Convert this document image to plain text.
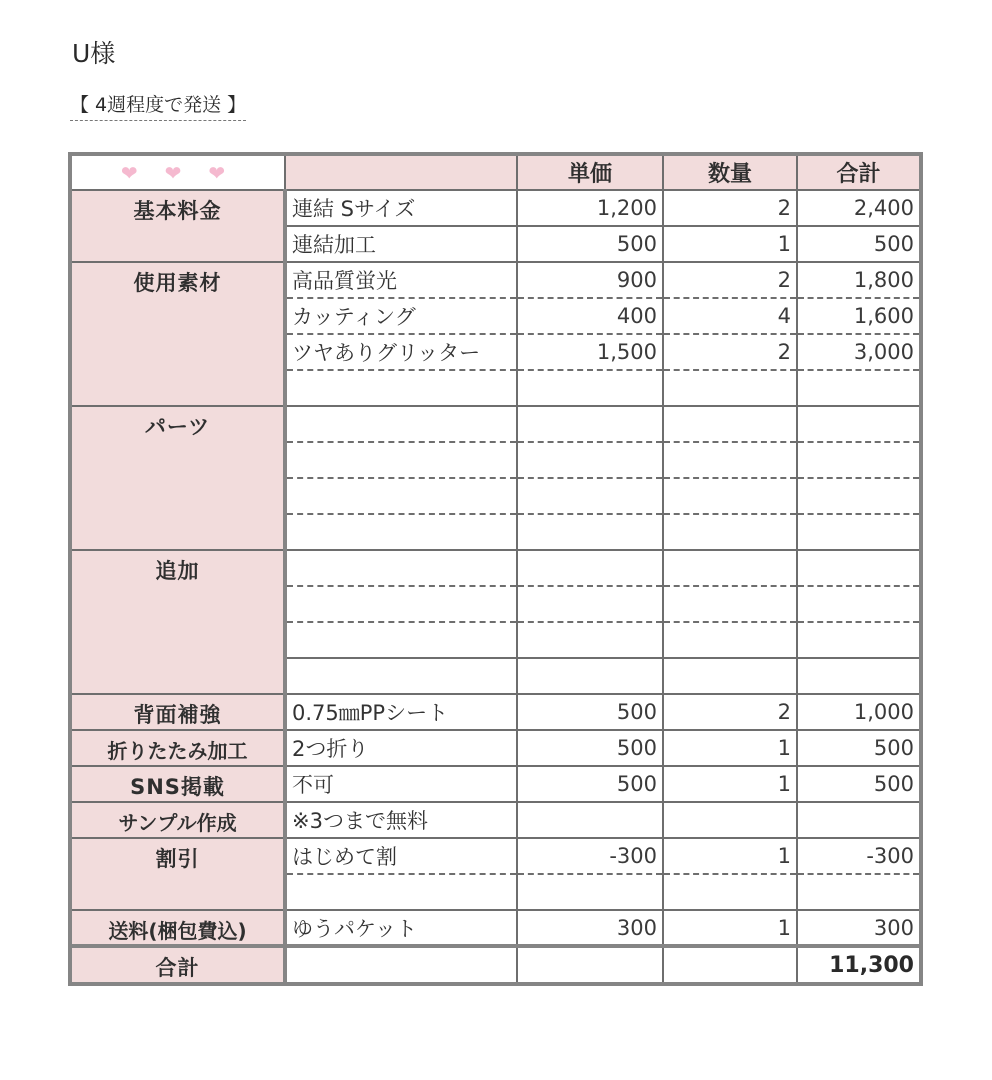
U様
【 4週程度で発送 】
❤ ❤ ❤		単価	数量	合計
基本料金	連結 Sサイズ	1,200	2	2,400
	連結加工	500	1	500
使用素材	高品質蛍光	900	2	1,800
	カッティング	400	4	1,600
	ツヤありグリッター	1,500	2	3,000

パーツ				

追加				

背面補強	0.75㎜PPシート	500	2	1,000
折りたたみ加工	2つ折り	500	1	500
SNS掲載	不可	500	1	500
サンプル作成	※3つまで無料			
割引	はじめて割	-300	1	-300

送料(梱包費込)	ゆうパケット	300	1	300
合計				11,300
